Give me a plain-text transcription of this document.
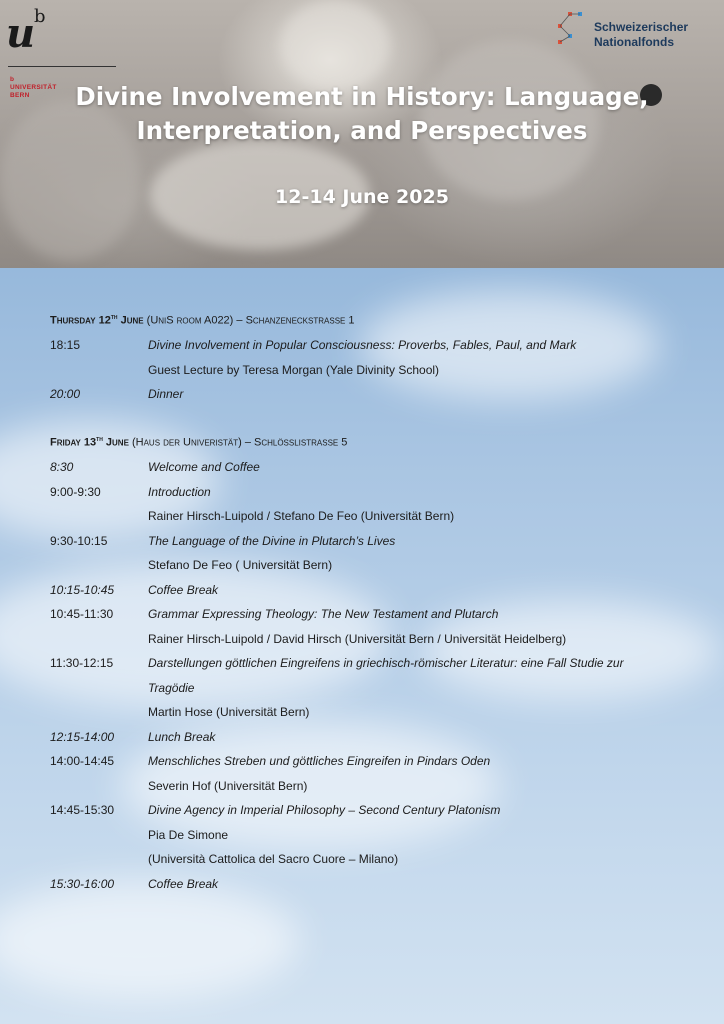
u
b
b
UNIVERSITÄT
BERN
Schweizerischer
Nationalfonds
Divine Involvement in History: Language,
Interpretation, and Perspectives
12-14 June 2025
Thursday 12th June (UniS room A022) – Schanzeneckstrasse 1
18:15	Divine Involvement in Popular Consciousness: Proverbs, Fables, Paul, and Mark
Guest Lecture by Teresa Morgan (Yale Divinity School)
20:00	Dinner
Friday 13th June (Haus der Univeristät) – Schlösslistrasse 5
8:30	Welcome and Coffee
9:00-9:30	Introduction
Rainer Hirsch-Luipold / Stefano De Feo (Universität Bern)
9:30-10:15	The Language of the Divine in Plutarch’s Lives
Stefano De Feo ( Universität Bern)
10:15-10:45	Coffee Break
10:45-11:30	Grammar Expressing Theology: The New Testament and Plutarch
Rainer Hirsch-Luipold / David Hirsch (Universität Bern / Universität Heidelberg)
11:30-12:15	Darstellungen göttlichen Eingreifens in griechisch-römischer Literatur: eine Fall Studie zur
Tragödie
Martin Hose (Universität Bern)
12:15-14:00	Lunch Break
14:00-14:45	Menschliches Streben und göttliches Eingreifen in Pindars Oden
Severin Hof (Universität Bern)
14:45-15:30	Divine Agency in Imperial Philosophy – Second Century Platonism
Pia De Simone
(Università Cattolica del Sacro Cuore – Milano)
15:30-16:00	Coffee Break
